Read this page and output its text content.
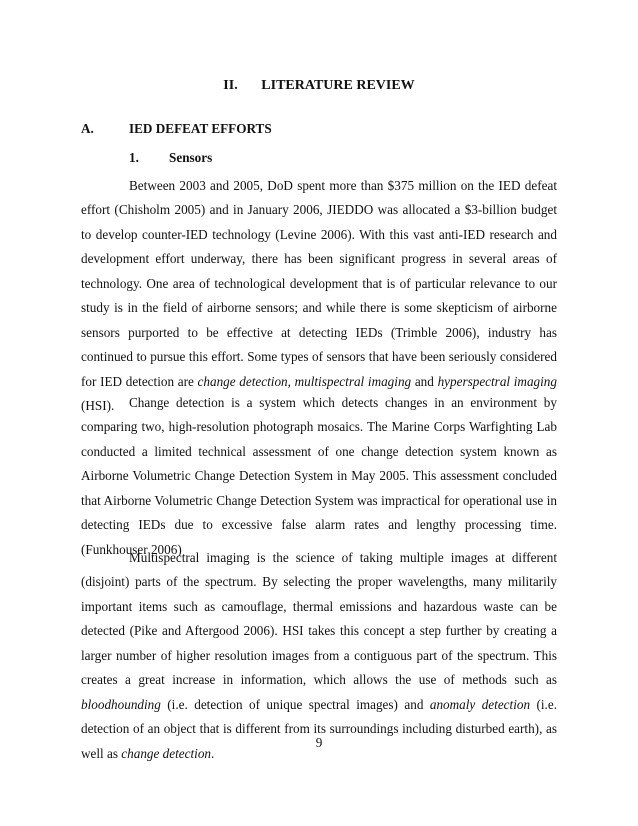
II. LITERATURE REVIEW
A.	IED DEFEAT EFFORTS
1. Sensors

Between 2003 and 2005, DoD spent more than $375 million on the IED defeat effort (Chisholm 2005) and in January 2006, JIEDDO was allocated a $3-billion budget to develop counter-IED technology (Levine 2006). With this vast anti-IED research and development effort underway, there has been significant progress in several areas of technology. One area of technological development that is of particular relevance to our study is in the field of airborne sensors; and while there is some skepticism of airborne sensors purported to be effective at detecting IEDs (Trimble 2006), industry has continued to pursue this effort. Some types of sensors that have been seriously considered for IED detection are change detection, multispectral imaging and hyperspectral imaging (HSI).	Change detection is a system which detects changes in an environment by comparing two, high-resolution photograph mosaics. The Marine Corps Warfighting Lab conducted a limited technical assessment of one change detection system known as Airborne Volumetric Change Detection System in May 2005. This assessment concluded that Airborne Volumetric Change Detection System was impractical for operational use in detecting IEDs due to excessive false alarm rates and lengthy processing time. (Funkhouser 2006)

Multispectral imaging is the science of taking multiple images at different (disjoint) parts of the spectrum. By selecting the proper wavelengths, many militarily important items such as camouflage, thermal emissions and hazardous waste can be detected (Pike and Aftergood 2006). HSI takes this concept a step further by creating a larger number of higher resolution images from a contiguous part of the spectrum. This creates a great increase in information, which allows the use of methods such as bloodhounding (i.e. detection of unique spectral images) and anomaly detection (i.e. detection of an object that is different from its surroundings including disturbed earth), as well as change detection.

9
